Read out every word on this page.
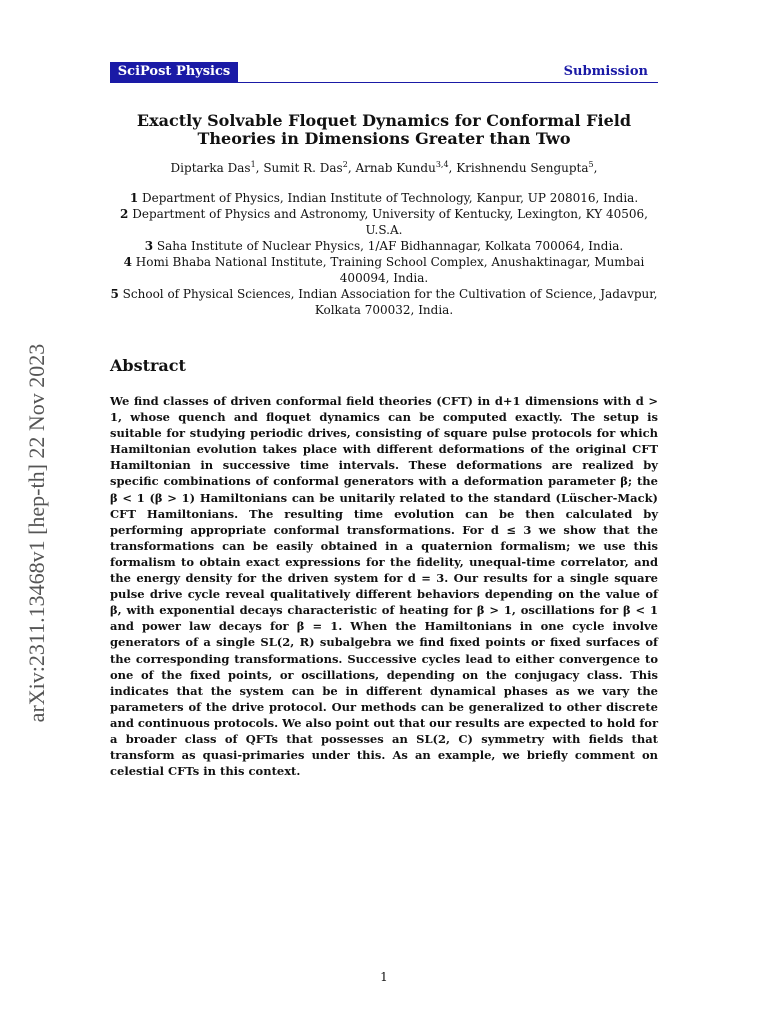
SciPost Physics	Submission
arXiv:2311.13468v1 [hep-th] 22 Nov 2023
Exactly Solvable Floquet Dynamics for Conformal Field Theories in Dimensions Greater than Two
Diptarka Das$^1$, Sumit R. Das$^2$, Arnab Kundu$^{3,4}$, Krishnendu Sengupta$^5$,
1 Department of Physics, Indian Institute of Technology, Kanpur, UP 208016, India.
2 Department of Physics and Astronomy, University of Kentucky, Lexington, KY 40506, U.S.A.
3 Saha Institute of Nuclear Physics, 1/AF Bidhannagar, Kolkata 700064, India.
4 Homi Bhaba National Institute, Training School Complex, Anushaktinagar, Mumbai 400094, India.
5 School of Physical Sciences, Indian Association for the Cultivation of Science, Jadavpur, Kolkata 700032, India.
Abstract
We find classes of driven conformal field theories (CFT) in d+1 dimensions with d > 1, whose quench and floquet dynamics can be computed exactly. The setup is suitable for studying periodic drives, consisting of square pulse protocols for which Hamiltonian evolution takes place with different deformations of the original CFT Hamiltonian in successive time intervals. These deformations are realized by specific combinations of conformal generators with a deformation parameter β; the β < 1 (β > 1) Hamiltonians can be unitarily related to the standard (Lüscher-Mack) CFT Hamiltonians. The resulting time evolution can be then calculated by performing appropriate conformal transformations. For d ≤ 3 we show that the transformations can be easily obtained in a quaternion formalism; we use this formalism to obtain exact expressions for the fidelity, unequal-time correlator, and the energy density for the driven system for d = 3. Our results for a single square pulse drive cycle reveal qualitatively different behaviors depending on the value of β, with exponential decays characteristic of heating for β > 1, oscillations for β < 1 and power law decays for β = 1. When the Hamiltonians in one cycle involve generators of a single SL(2, R) subalgebra we find fixed points or fixed surfaces of the corresponding transformations. Successive cycles lead to either convergence to one of the fixed points, or oscillations, depending on the conjugacy class. This indicates that the system can be in different dynamical phases as we vary the parameters of the drive protocol. Our methods can be generalized to other discrete and continuous protocols. We also point out that our results are expected to hold for a broader class of QFTs that possesses an SL(2, C) symmetry with fields that transform as quasi-primaries under this. As an example, we briefly comment on celestial CFTs in this context.
1
